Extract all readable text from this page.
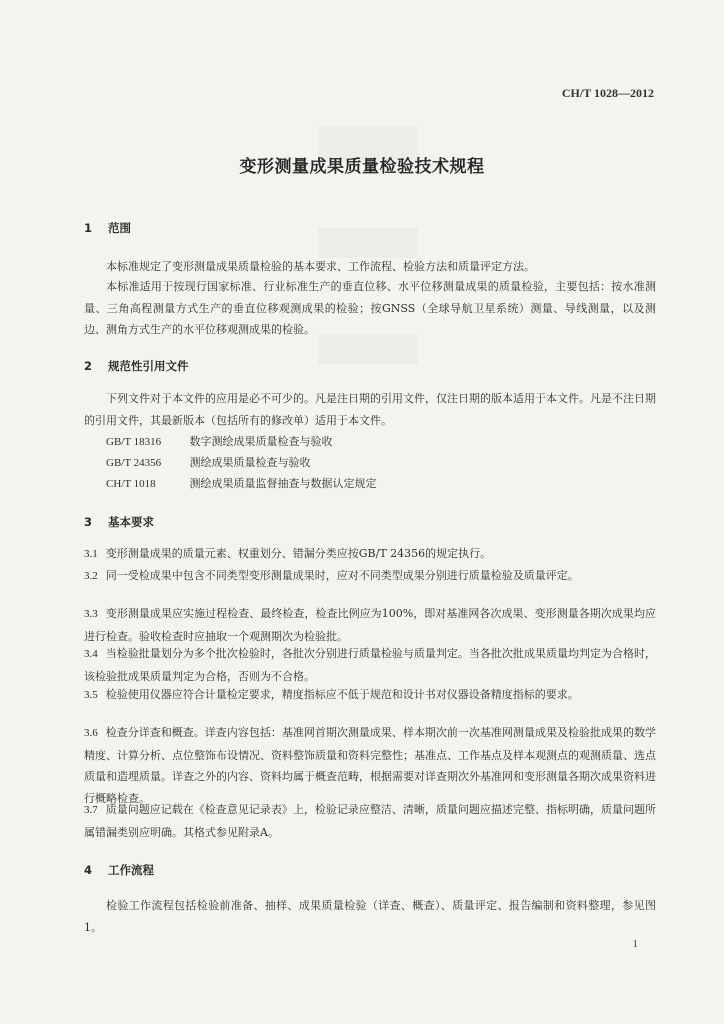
CH/T 1028—2012
变形测量成果质量检验技术规程
1 范围
本标准规定了变形测量成果质量检验的基本要求、工作流程、检验方法和质量评定方法。
本标准适用于按现行国家标准、行业标准生产的垂直位移、水平位移测量成果的质量检验，主要包括：按水准测量、三角高程测量方式生产的垂直位移观测成果的检验；按GNSS（全球导航卫星系统）测量、导线测量，以及测边、测角方式生产的水平位移观测成果的检验。
2 规范性引用文件
下列文件对于本文件的应用是必不可少的。凡是注日期的引用文件，仅注日期的版本适用于本文件。凡是不注日期的引用文件，其最新版本（包括所有的修改单）适用于本文件。
GB/T 18316	数字测绘成果质量检查与验收
GB/T 24356	测绘成果质量检查与验收
CH/T 1018	测绘成果质量监督抽查与数据认定规定
3 基本要求
3.1 变形测量成果的质量元素、权重划分、错漏分类应按GB/T 24356的规定执行。
3.2 同一受检成果中包含不同类型变形测量成果时，应对不同类型成果分别进行质量检验及质量评定。
3.3 变形测量成果应实施过程检查、最终检查，检查比例应为100%，即对基准网各次成果、变形测量各期次成果均应进行检查。验收检查时应抽取一个观测期次为检验批。
3.4 当检验批量划分为多个批次检验时，各批次分别进行质量检验与质量判定。当各批次批成果质量均判定为合格时，该检验批成果质量判定为合格，否则为不合格。
3.5 检验使用仪器应符合计量检定要求，精度指标应不低于规范和设计书对仪器设备精度指标的要求。
3.6 检查分详查和概查。详查内容包括：基准网首期次测量成果、样本期次前一次基准网测量成果及检验批成果的数学精度、计算分析、点位整饰布设情况、资料整饰质量和资料完整性；基准点、工作基点及样本观测点的观测质量、选点质量和造埋质量。详查之外的内容、资料均属于概查范畴，根据需要对详查期次外基准网和变形测量各期次成果资料进行概略检查。
3.7 质量问题应记载在《检查意见记录表》上，检验记录应整洁、清晰，质量问题应描述完整、指标明确，质量问题所属错漏类别应明确。其格式参见附录A。
4 工作流程
检验工作流程包括检验前准备、抽样、成果质量检验（详查、概查）、质量评定、报告编制和资料整理，参见图1。
1
